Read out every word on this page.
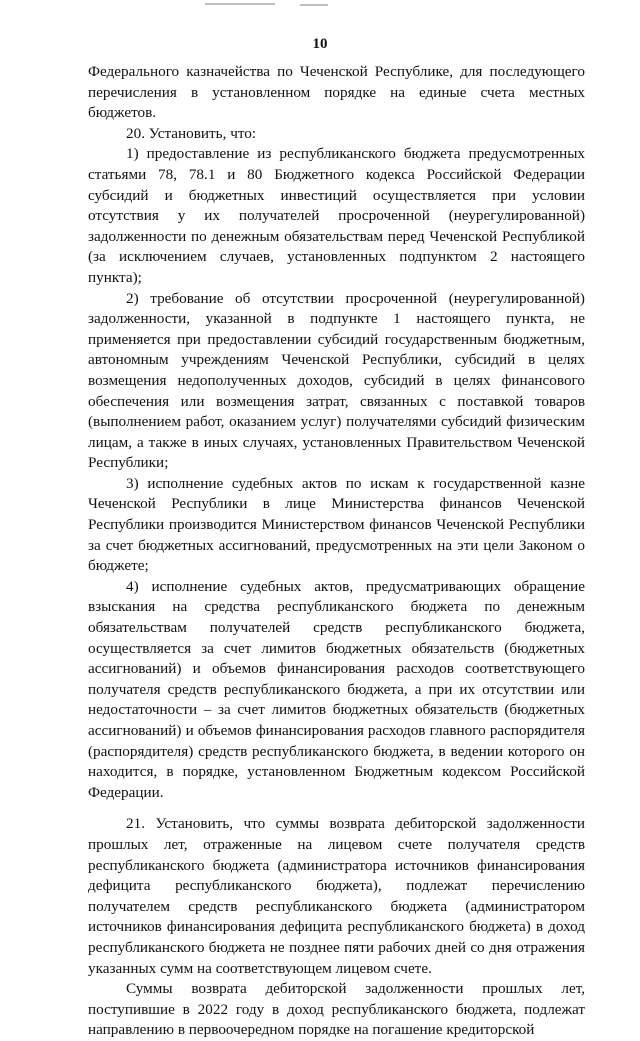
10

Федерального казначейства по Чеченской Республике, для последующего перечисления в установленном порядке на единые счета местных бюджетов.

20. Установить, что:

1) предоставление из республиканского бюджета предусмотренных статьями 78, 78.1 и 80 Бюджетного кодекса Российской Федерации субсидий и бюджетных инвестиций осуществляется при условии отсутствия у их получателей просроченной (неурегулированной) задолженности по денежным обязательствам перед Чеченской Республикой (за исключением случаев, установленных подпунктом 2 настоящего пункта);

2) требование об отсутствии просроченной (неурегулированной) задолженности, указанной в подпункте 1 настоящего пункта, не применяется при предоставлении субсидий государственным бюджетным, автономным учреждениям Чеченской Республики, субсидий в целях возмещения недополученных доходов, субсидий в целях финансового обеспечения или возмещения затрат, связанных с поставкой товаров (выполнением работ, оказанием услуг) получателями субсидий физическим лицам, а также в иных случаях, установленных Правительством Чеченской Республики;

3) исполнение судебных актов по искам к государственной казне Чеченской Республики в лице Министерства финансов Чеченской Республики производится Министерством финансов Чеченской Республики за счет бюджетных ассигнований, предусмотренных на эти цели Законом о бюджете;

4) исполнение судебных актов, предусматривающих обращение взыскания на средства республиканского бюджета по денежным обязательствам получателей средств республиканского бюджета, осуществляется за счет лимитов бюджетных обязательств (бюджетных ассигнований) и объемов финансирования расходов соответствующего получателя средств республиканского бюджета, а при их отсутствии или недостаточности – за счет лимитов бюджетных обязательств (бюджетных ассигнований) и объемов финансирования расходов главного распорядителя (распорядителя) средств республиканского бюджета, в ведении которого он находится, в порядке, установленном Бюджетным кодексом Российской Федерации.

21. Установить, что суммы возврата дебиторской задолженности прошлых лет, отраженные на лицевом счете получателя средств республиканского бюджета (администратора источников финансирования дефицита республиканского бюджета), подлежат перечислению получателем средств республиканского бюджета (администратором источников финансирования дефицита республиканского бюджета) в доход республиканского бюджета не позднее пяти рабочих дней со дня отражения указанных сумм на соответствующем лицевом счете.

Суммы возврата дебиторской задолженности прошлых лет, поступившие в 2022 году в доход республиканского бюджета, подлежат направлению в первоочередном порядке на погашение кредиторской
